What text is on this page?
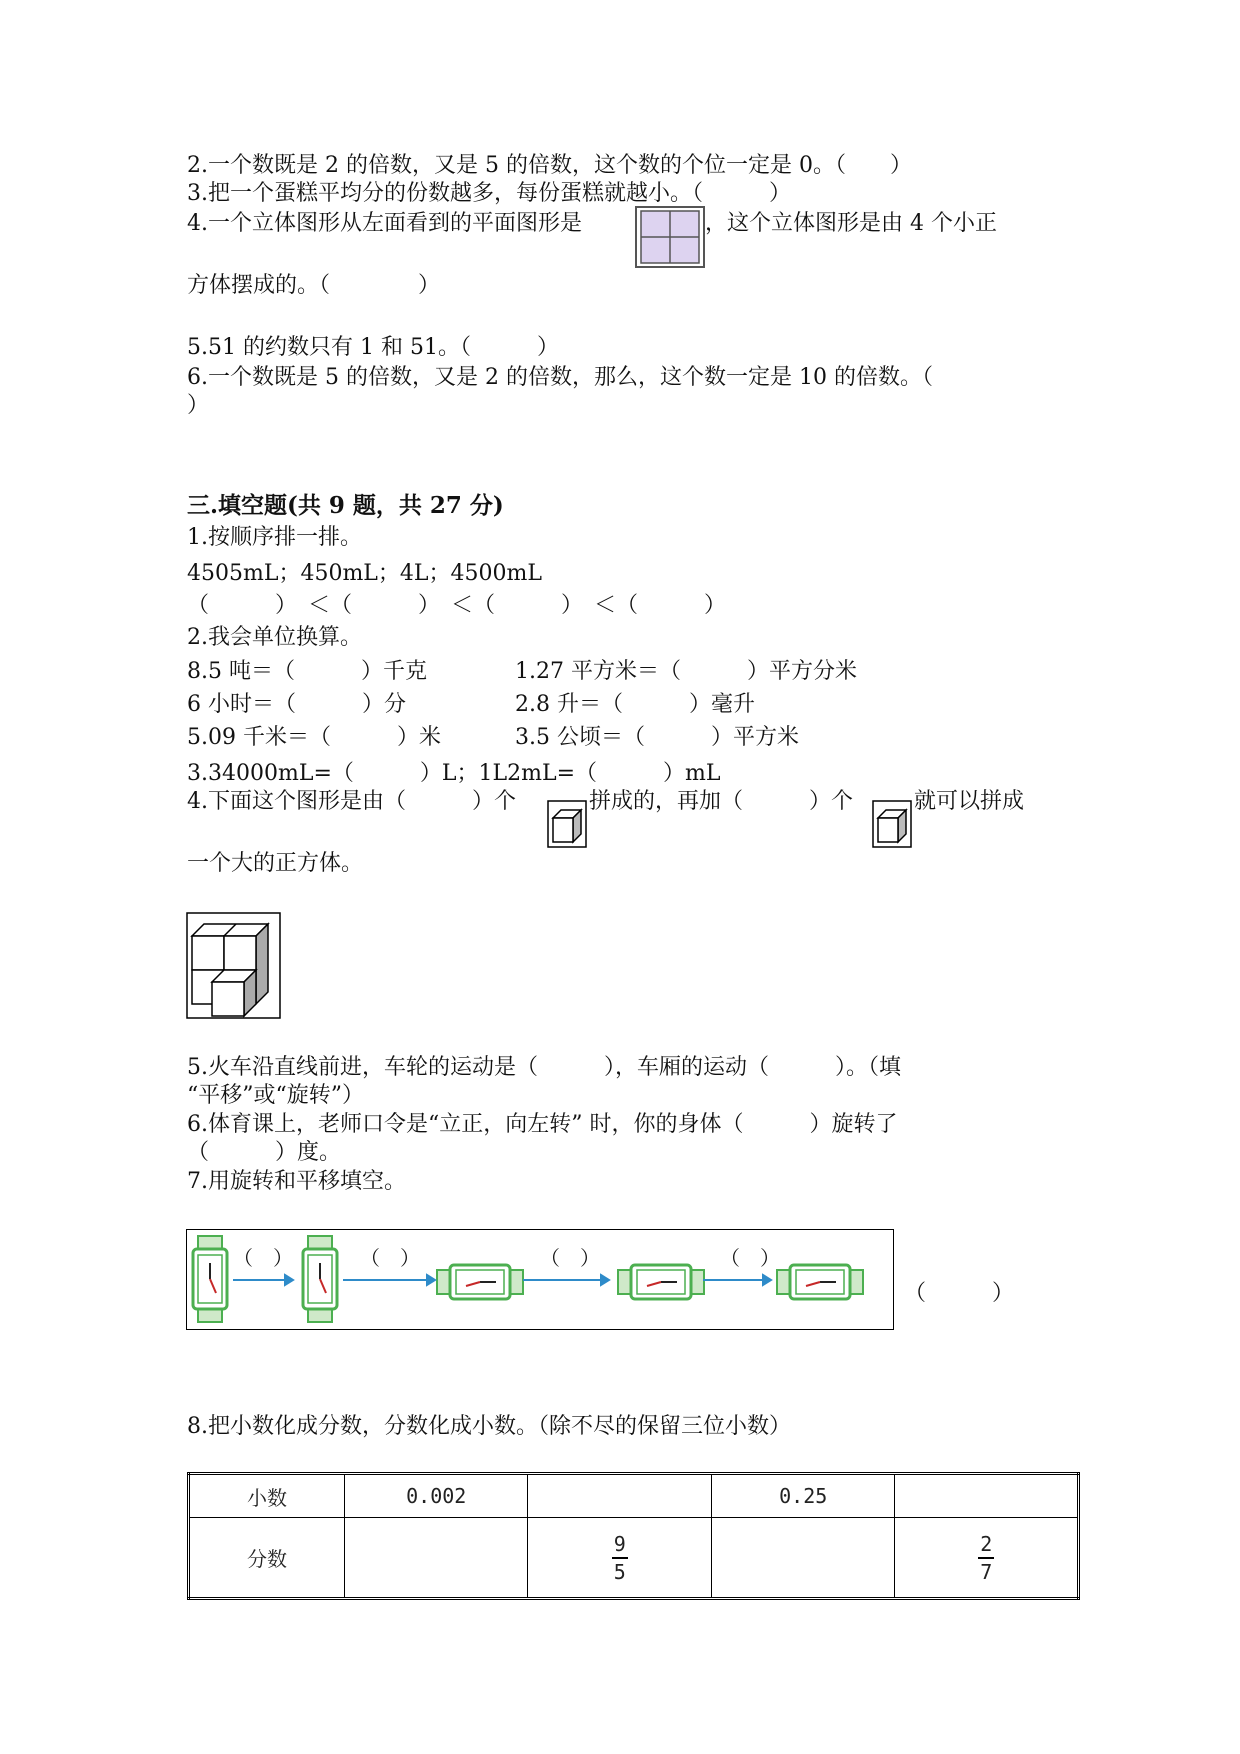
2.一个数既是 2 的倍数，又是 5 的倍数，这个数的个位一定是 0。（　　）
3.把一个蛋糕平均分的份数越多，每份蛋糕就越小。（　　　）
4.一个立体图形从左面看到的平面图形是	，这个立体图形是由 4 个小正
方体摆成的。（　　　　）
5.51 的约数只有 1 和 51。（　　　）
6.一个数既是 5 的倍数，又是 2 的倍数，那么，这个数一定是 10 的倍数。（
）
三.填空题(共 9 题，共 27 分)
1.按顺序排一排。
4505mL；450mL；4L；4500mL
（　　　）　＜（　　　）　＜（　　　）　＜（　　　）
2.我会单位换算。
8.5 吨＝（　　　）千克	1.27 平方米＝（　　　）平方分米
6 小时＝（　　　）分	2.8 升＝（　　　）毫升
5.09 千米＝（　　　）米	3.5 公顷＝（　　　）平方米
3.34000mL=（　　　）L；1L2mL=（　　　）mL
4.下面这个图形是由（　　　）个	拼成的，再加（　　　）个	就可以拼成
一个大的正方体。
5.火车沿直线前进，车轮的运动是（　　　），车厢的运动（　　　）。（填
“平移”或“旋转”）
6.体育课上，老师口令是“立正，向左转” 时，你的身体（　　　）旋转了
（　　　）度。
7.用旋转和平移填空。
（　）	（　）	（　）	（　）
（　　　）
8.把小数化成分数，分数化成小数。（除不尽的保留三位小数）
小数	0.002		0.25	
分数		$\frac{9}{5}$		$\frac{2}{7}$
